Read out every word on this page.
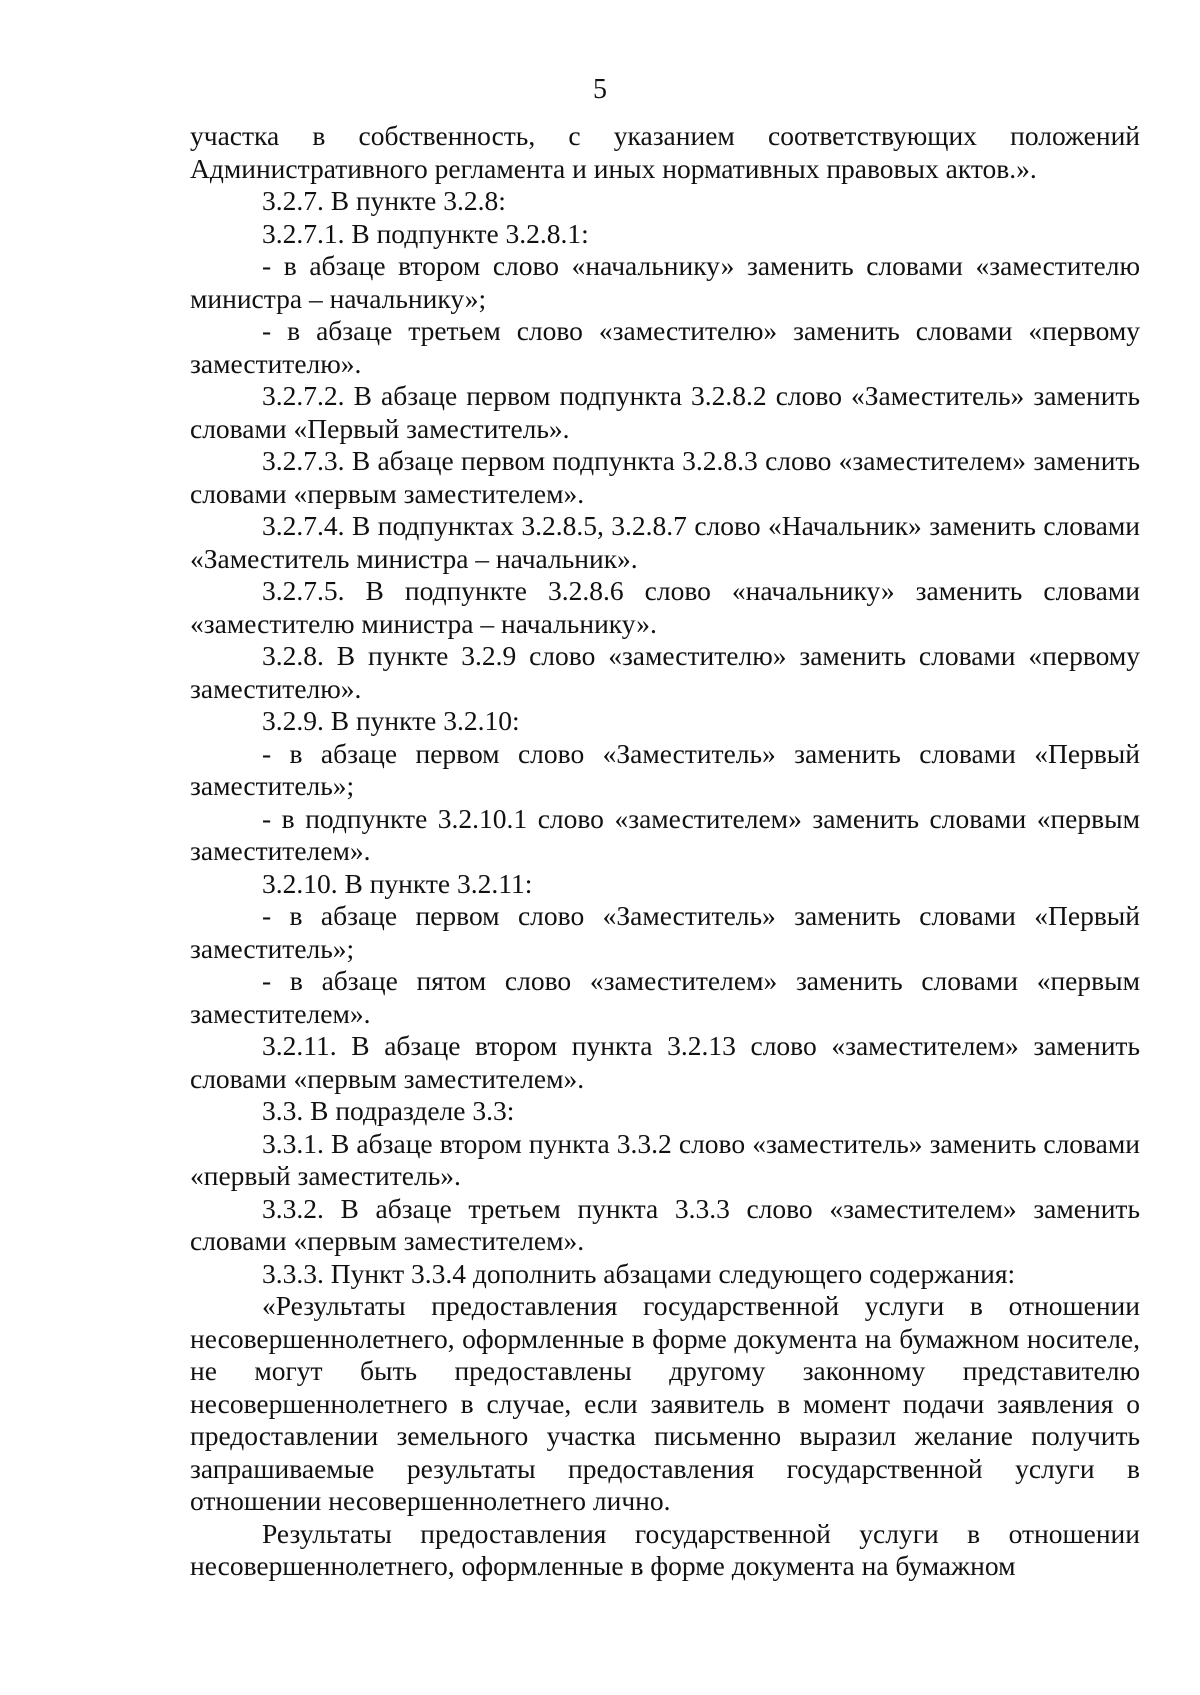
5

участка в собственность, с указанием соответствующих положений Административного регламента и иных нормативных правовых актов.».

3.2.7. В пункте 3.2.8:

3.2.7.1. В подпункте 3.2.8.1:

- в абзаце втором слово «начальнику» заменить словами «заместителю министра – начальнику»;

- в абзаце третьем слово «заместителю» заменить словами «первому заместителю».

3.2.7.2. В абзаце первом подпункта 3.2.8.2 слово «Заместитель» заменить словами «Первый заместитель».

3.2.7.3. В абзаце первом подпункта 3.2.8.3 слово «заместителем» заменить словами «первым заместителем».

3.2.7.4. В подпунктах 3.2.8.5, 3.2.8.7 слово «Начальник» заменить словами «Заместитель министра – начальник».

3.2.7.5. В подпункте 3.2.8.6 слово «начальнику» заменить словами «заместителю министра – начальнику».

3.2.8. В пункте 3.2.9 слово «заместителю» заменить словами «первому заместителю».

3.2.9. В пункте 3.2.10:

- в абзаце первом слово «Заместитель» заменить словами «Первый заместитель»;

- в подпункте 3.2.10.1 слово «заместителем» заменить словами «первым заместителем».

3.2.10. В пункте 3.2.11:

- в абзаце первом слово «Заместитель» заменить словами «Первый заместитель»;

- в абзаце пятом слово «заместителем» заменить словами «первым заместителем».

3.2.11. В абзаце втором пункта 3.2.13 слово «заместителем» заменить словами «первым заместителем».

3.3. В подразделе 3.3:

3.3.1. В абзаце втором пункта 3.3.2 слово «заместитель» заменить словами «первый заместитель».

3.3.2. В абзаце третьем пункта 3.3.3 слово «заместителем» заменить словами «первым заместителем».

3.3.3. Пункт 3.3.4 дополнить абзацами следующего содержания:

«Результаты предоставления государственной услуги в отношении несовершеннолетнего, оформленные в форме документа на бумажном носителе, не могут быть предоставлены другому законному представителю несовершеннолетнего в случае, если заявитель в момент подачи заявления о предоставлении земельного участка письменно выразил желание получить запрашиваемые результаты предоставления государственной услуги в отношении несовершеннолетнего лично.

Результаты предоставления государственной услуги в отношении несовершеннолетнего, оформленные в форме документа на бумажном
